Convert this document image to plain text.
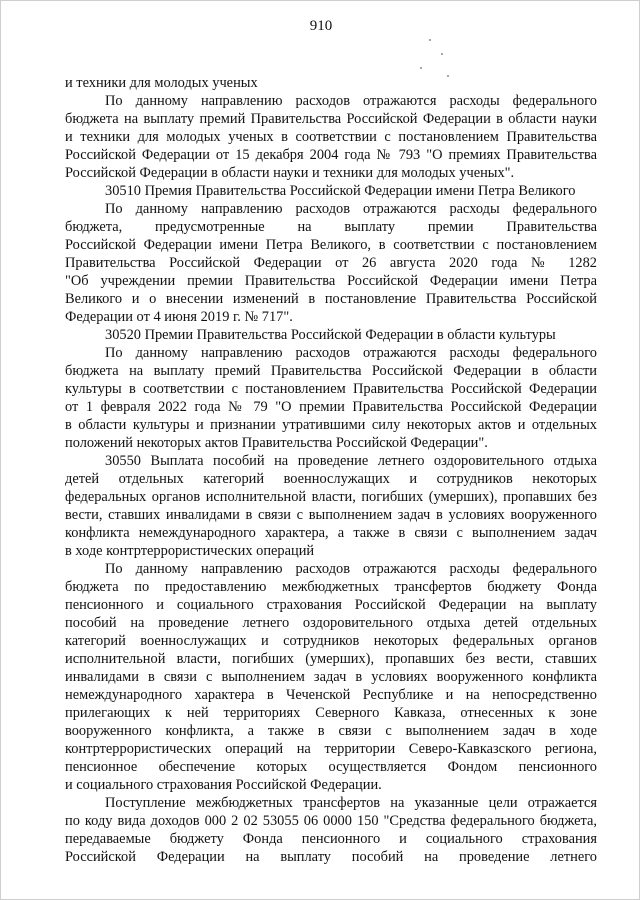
910
и техники для молодых ученых
По данному направлению расходов отражаются расходы федерального
бюджета на выплату премий Правительства Российской Федерации в области науки
и техники для молодых ученых в соответствии с постановлением Правительства
Российской Федерации от 15 декабря 2004 года № 793 "О премиях Правительства
Российской Федерации в области науки и техники для молодых ученых".
30510 Премия Правительства Российской Федерации имени Петра Великого
По данному направлению расходов отражаются расходы федерального
бюджета, предусмотренные на выплату премии Правительства
Российской Федерации имени Петра Великого, в соответствии с постановлением
Правительства Российской Федерации от 26 августа 2020 года № 1282
"Об учреждении премии Правительства Российской Федерации имени Петра
Великого и о внесении изменений в постановление Правительства Российской
Федерации от 4 июня 2019 г. № 717".
30520 Премии Правительства Российской Федерации в области культуры
По данному направлению расходов отражаются расходы федерального
бюджета на выплату премий Правительства Российской Федерации в области
культуры в соответствии с постановлением Правительства Российской Федерации
от 1 февраля 2022 года № 79 "О премии Правительства Российской Федерации
в области культуры и признании утратившими силу некоторых актов и отдельных
положений некоторых актов Правительства Российской Федерации".
30550 Выплата пособий на проведение летнего оздоровительного отдыха
детей отдельных категорий военнослужащих и сотрудников некоторых
федеральных органов исполнительной власти, погибших (умерших), пропавших без
вести, ставших инвалидами в связи с выполнением задач в условиях вооруженного
конфликта немеждународного характера, а также в связи с выполнением задач
в ходе контртеррористических операций
По данному направлению расходов отражаются расходы федерального
бюджета по предоставлению межбюджетных трансфертов бюджету Фонда
пенсионного и социального страхования Российской Федерации на выплату
пособий на проведение летнего оздоровительного отдыха детей отдельных
категорий военнослужащих и сотрудников некоторых федеральных органов
исполнительной власти, погибших (умерших), пропавших без вести, ставших
инвалидами в связи с выполнением задач в условиях вооруженного конфликта
немеждународного характера в Чеченской Республике и на непосредственно
прилегающих к ней территориях Северного Кавказа, отнесенных к зоне
вооруженного конфликта, а также в связи с выполнением задач в ходе
контртеррористических операций на территории Северо-Кавказского региона,
пенсионное обеспечение которых осуществляется Фондом пенсионного
и социального страхования Российской Федерации.
Поступление межбюджетных трансфертов на указанные цели отражается
по коду вида доходов 000 2 02 53055 06 0000 150 "Средства федерального бюджета,
передаваемые бюджету Фонда пенсионного и социального страхования
Российской Федерации на выплату пособий на проведение летнего
